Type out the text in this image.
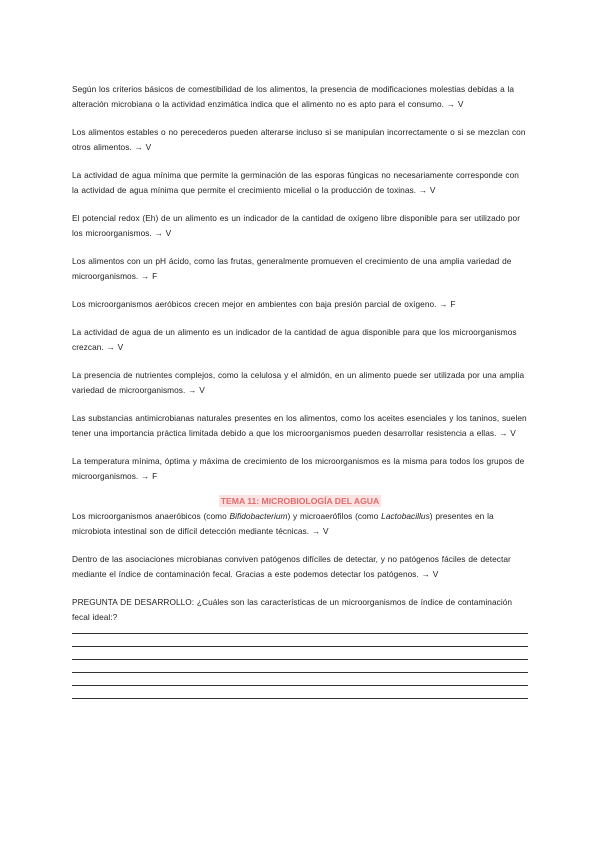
Según los criterios básicos de comestibilidad de los alimentos, la presencia de modificaciones molestias debidas a la alteración microbiana o la actividad enzimática indica que el alimento no es apto para el consumo. → V

Los alimentos estables o no perecederos pueden alterarse incluso si se manipulan incorrectamente o si se mezclan con otros alimentos. → V

La actividad de agua mínima que permite la germinación de las esporas fúngicas no necesariamente corresponde con la actividad de agua mínima que permite el crecimiento micelial o la producción de toxinas. → V

El potencial redox (Eh) de un alimento es un indicador de la cantidad de oxígeno libre disponible para ser utilizado por los microorganismos. → V

Los alimentos con un pH ácido, como las frutas, generalmente promueven el crecimiento de una amplia variedad de microorganismos. → F

Los microorganismos aeróbicos crecen mejor en ambientes con baja presión parcial de oxígeno. → F

La actividad de agua de un alimento es un indicador de la cantidad de agua disponible para que los microorganismos crezcan. → V

La presencia de nutrientes complejos, como la celulosa y el almidón, en un alimento puede ser utilizada por una amplia variedad de microorganismos. → V

Las substancias antimicrobianas naturales presentes en los alimentos, como los aceites esenciales y los taninos, suelen tener una importancia práctica limitada debido a que los microorganismos pueden desarrollar resistencia a ellas. → V

La temperatura mínima, óptima y máxima de crecimiento de los microorganismos es la misma para todos los grupos de microorganismos. → F

TEMA 11: MICROBIOLOGÍA DEL AGUA

Los microorganismos anaeróbicos (como Bifidobacterium) y microaerófilos (como Lactobacillus) presentes en la microbiota intestinal son de difícil detección mediante técnicas. → V

Dentro de las asociaciones microbianas conviven patógenos difíciles de detectar, y no patógenos fáciles de detectar mediante el índice de contaminación fecal. Gracias a este podemos detectar los patógenos. → V

PREGUNTA DE DESARROLLO: ¿Cuáles son las características de un microorganismos de índice de contaminación fecal ideal:?
